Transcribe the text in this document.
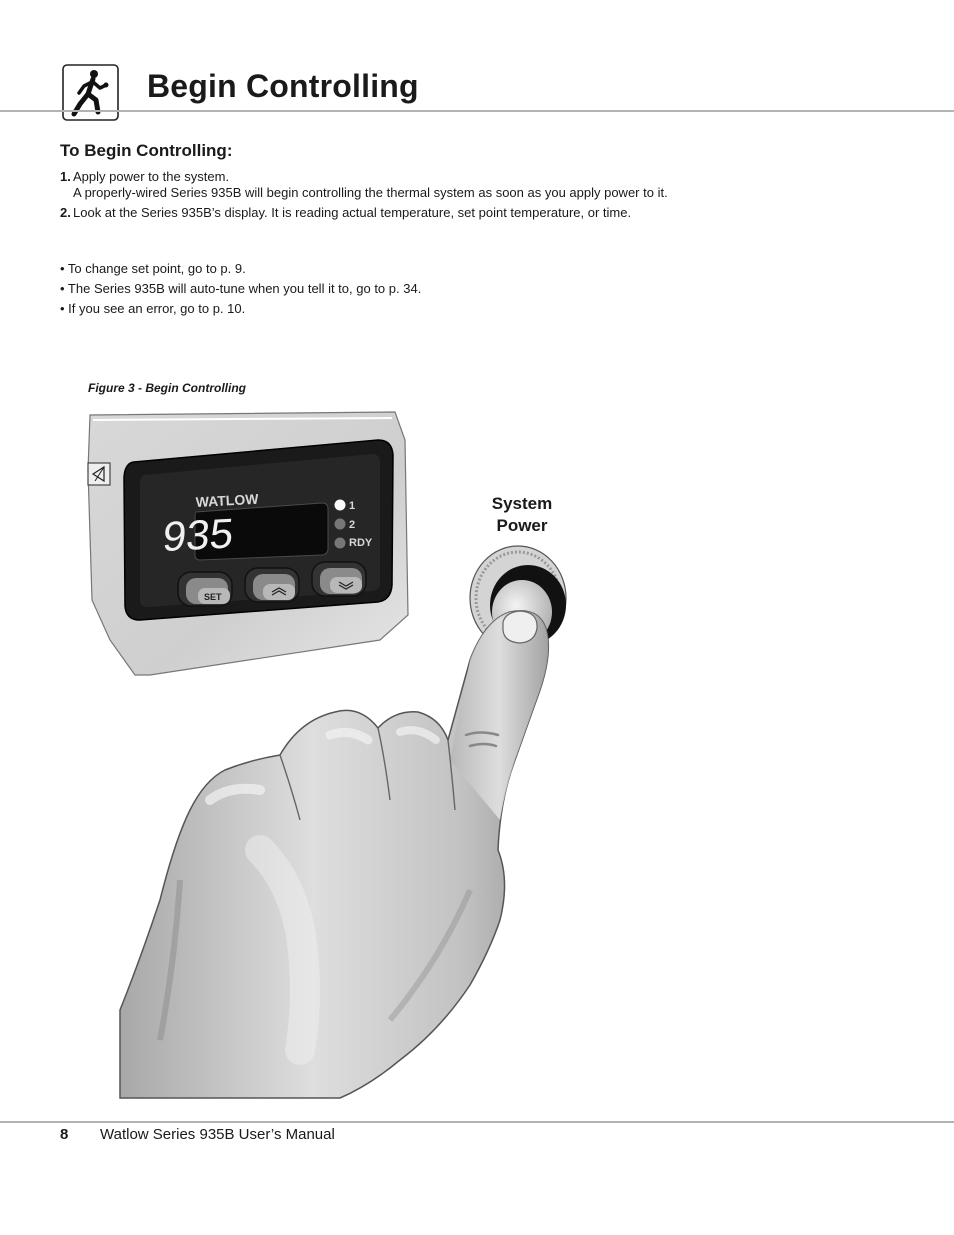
Begin Controlling
To Begin Controlling:
1. Apply power to the system.
A properly-wired Series 935B will begin controlling the thermal system as soon as you apply power to it.
2. Look at the Series 935B’s display. It is reading actual temperature, set point temperature, or time.
• To change set point, go to p. 9.
• The Series 935B will auto-tune when you tell it to, go to p. 34.
• If you see an error, go to p. 10.
Figure 3 - Begin Controlling
WATLOW
935
1
2
RDY
SET
System
Power
8 Watlow Series 935B User’s Manual
